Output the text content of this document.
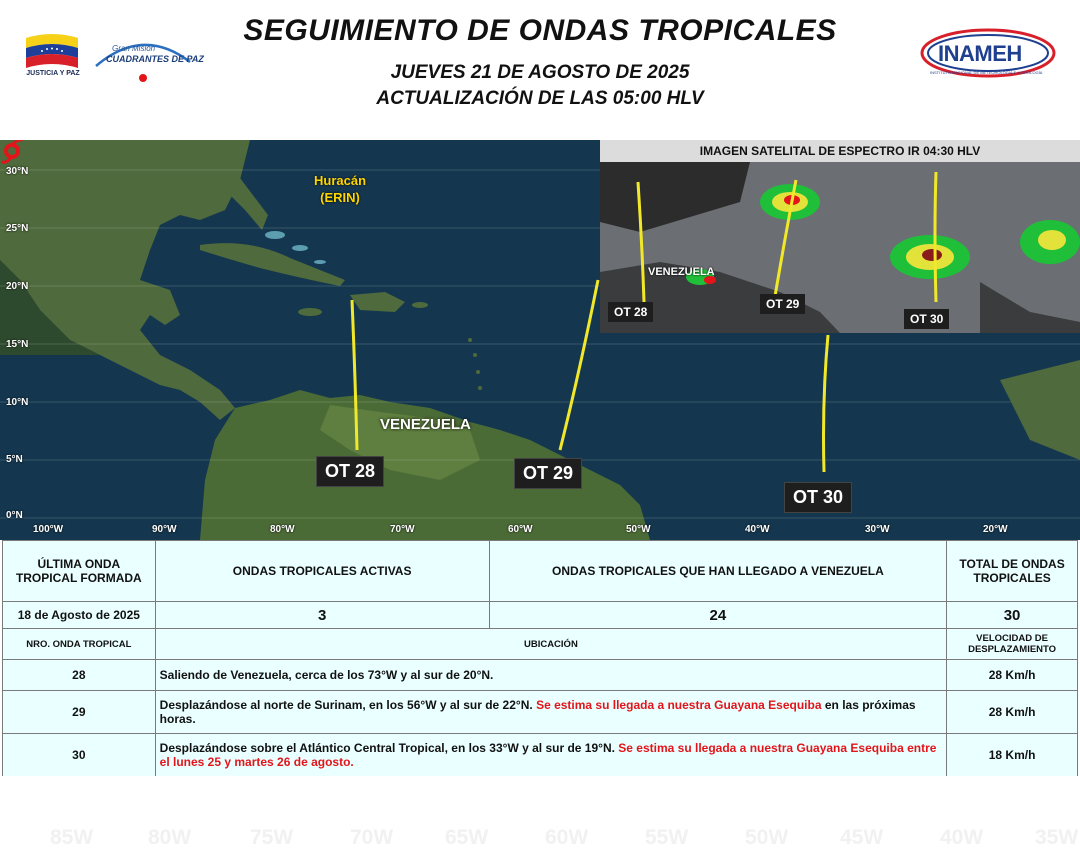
SEGUIMIENTO DE ONDAS TROPICALES
JUEVES 21 DE AGOSTO DE 2025
ACTUALIZACIÓN DE LAS 05:00 HLV
JUSTICIA Y PAZ
Gran Misión
CUADRANTES DE PAZ	INAMEH
INSTITUTO NACIONAL DE METEOROLOGÍA E HIDROLOGÍA
30°N
25°N
20°N
15°N
10°N
5°N
0°N
VENEZUELA
Huracán
(ERIN)
OT 28	OT 29
OT 30
100°W	90°W	80°W	70°W	60°W	50°W	40°W	30°W	20°W
IMAGEN SATELITAL DE ESPECTRO IR 04:30 HLV
VENEZUELA
OT 28
OT 29
OT 30
ÚLTIMA ONDA TROPICAL FORMADA	ONDAS TROPICALES ACTIVAS	ONDAS TROPICALES QUE HAN LLEGADO A VENEZUELA	TOTAL DE ONDAS TROPICALES
18 de Agosto de 2025	3	24	30
NRO. ONDA TROPICAL	UBICACIÓN		VELOCIDAD DE DESPLAZAMIENTO
28	Saliendo de Venezuela, cerca de los 73°W y al sur de 20°N.		28 Km/h
29	Desplazándose al norte de Surinam, en los 56°W y al sur de 22°N. Se estima su llegada a nuestra Guayana Esequiba en las próximas horas.		28 Km/h
30	Desplazándose sobre el Atlántico Central Tropical, en los 33°W y al sur de 19°N. Se estima su llegada a nuestra Guayana Esequiba entre el lunes 25 y martes 26 de agosto.		18 Km/h
85W	80W	75W	70W 65W	60W	55W	50W 45W	40W 35W
